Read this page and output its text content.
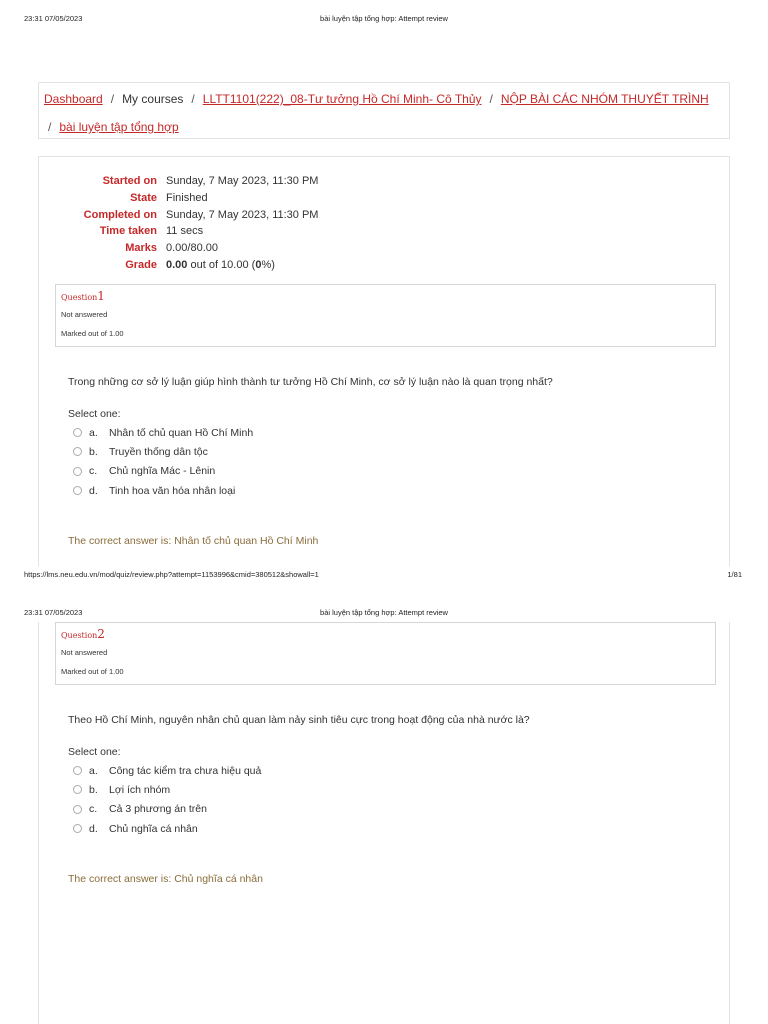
23:31 07/05/2023	bài luyện tập tổng hợp: Attempt review
Dashboard / My courses / LLTT1101(222)_08-Tư tưởng Hồ Chí Minh- Cô Thủy / NỘP BÀI CÁC NHÓM THUYẾT TRÌNH
/ bài luyện tập tổng hợp
Started on Sunday, 7 May 2023, 11:30 PM
State Finished
Completed on Sunday, 7 May 2023, 11:30 PM
Time taken 11 secs
Marks 0.00/80.00
Grade 0.00 out of 10.00 (0%)
Question1
Not answered
Marked out of 1.00
Trong những cơ sở lý luận giúp hình thành tư tưởng Hồ Chí Minh, cơ sở lý luận nào là quan trọng nhất?
Select one:
a.	Nhân tố chủ quan Hồ Chí Minh
b.	Truyền thống dân tộc
c.	Chủ nghĩa Mác - Lênin
d.	Tinh hoa văn hóa nhân loại
The correct answer is: Nhân tố chủ quan Hồ Chí Minh
https://lms.neu.edu.vn/mod/quiz/review.php?attempt=1153996&cmid=380512&showall=1	1/81
23:31 07/05/2023	bài luyện tập tổng hợp: Attempt review
Question2
Not answered
Marked out of 1.00
Theo Hồ Chí Minh, nguyên nhân chủ quan làm nảy sinh tiêu cực trong hoạt động của nhà nước là?
Select one:
a.	Công tác kiểm tra chưa hiệu quả
b.	Lợi ích nhóm
c.	Cả 3 phương án trên
d.	Chủ nghĩa cá nhân
The correct answer is: Chủ nghĩa cá nhân
